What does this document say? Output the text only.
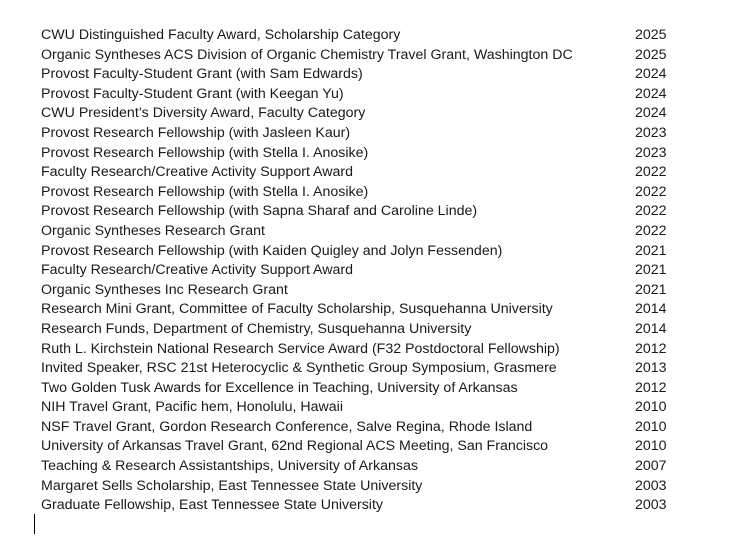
CWU Distinguished Faculty Award, Scholarship Category	2025
Organic Syntheses ACS Division of Organic Chemistry Travel Grant, Washington DC	2025
Provost Faculty-Student Grant (with Sam Edwards)	2024
Provost Faculty-Student Grant (with Keegan Yu)	2024
CWU President’s Diversity Award, Faculty Category	2024
Provost Research Fellowship (with Jasleen Kaur)	2023
Provost Research Fellowship (with Stella I. Anosike)	2023
Faculty Research/Creative Activity Support Award	2022
Provost Research Fellowship (with Stella I. Anosike)	2022
Provost Research Fellowship (with Sapna Sharaf and Caroline Linde)	2022
Organic Syntheses Research Grant	2022
Provost Research Fellowship (with Kaiden Quigley and Jolyn Fessenden)	2021
Faculty Research/Creative Activity Support Award	2021
Organic Syntheses Inc Research Grant	2021
Research Mini Grant, Committee of Faculty Scholarship, Susquehanna University	2014
Research Funds, Department of Chemistry, Susquehanna University	2014
Ruth L. Kirchstein National Research Service Award (F32 Postdoctoral Fellowship)	2012
Invited Speaker, RSC 21st Heterocyclic & Synthetic Group Symposium, Grasmere	2013
Two Golden Tusk Awards for Excellence in Teaching, University of Arkansas	2012
NIH Travel Grant, Pacific hem, Honolulu, Hawaii	2010
NSF Travel Grant, Gordon Research Conference, Salve Regina, Rhode Island	2010
University of Arkansas Travel Grant, 62nd Regional ACS Meeting, San Francisco	2010
Teaching & Research Assistantships, University of Arkansas	2007
Margaret Sells Scholarship, East Tennessee State University	2003
Graduate Fellowship, East Tennessee State University	2003
